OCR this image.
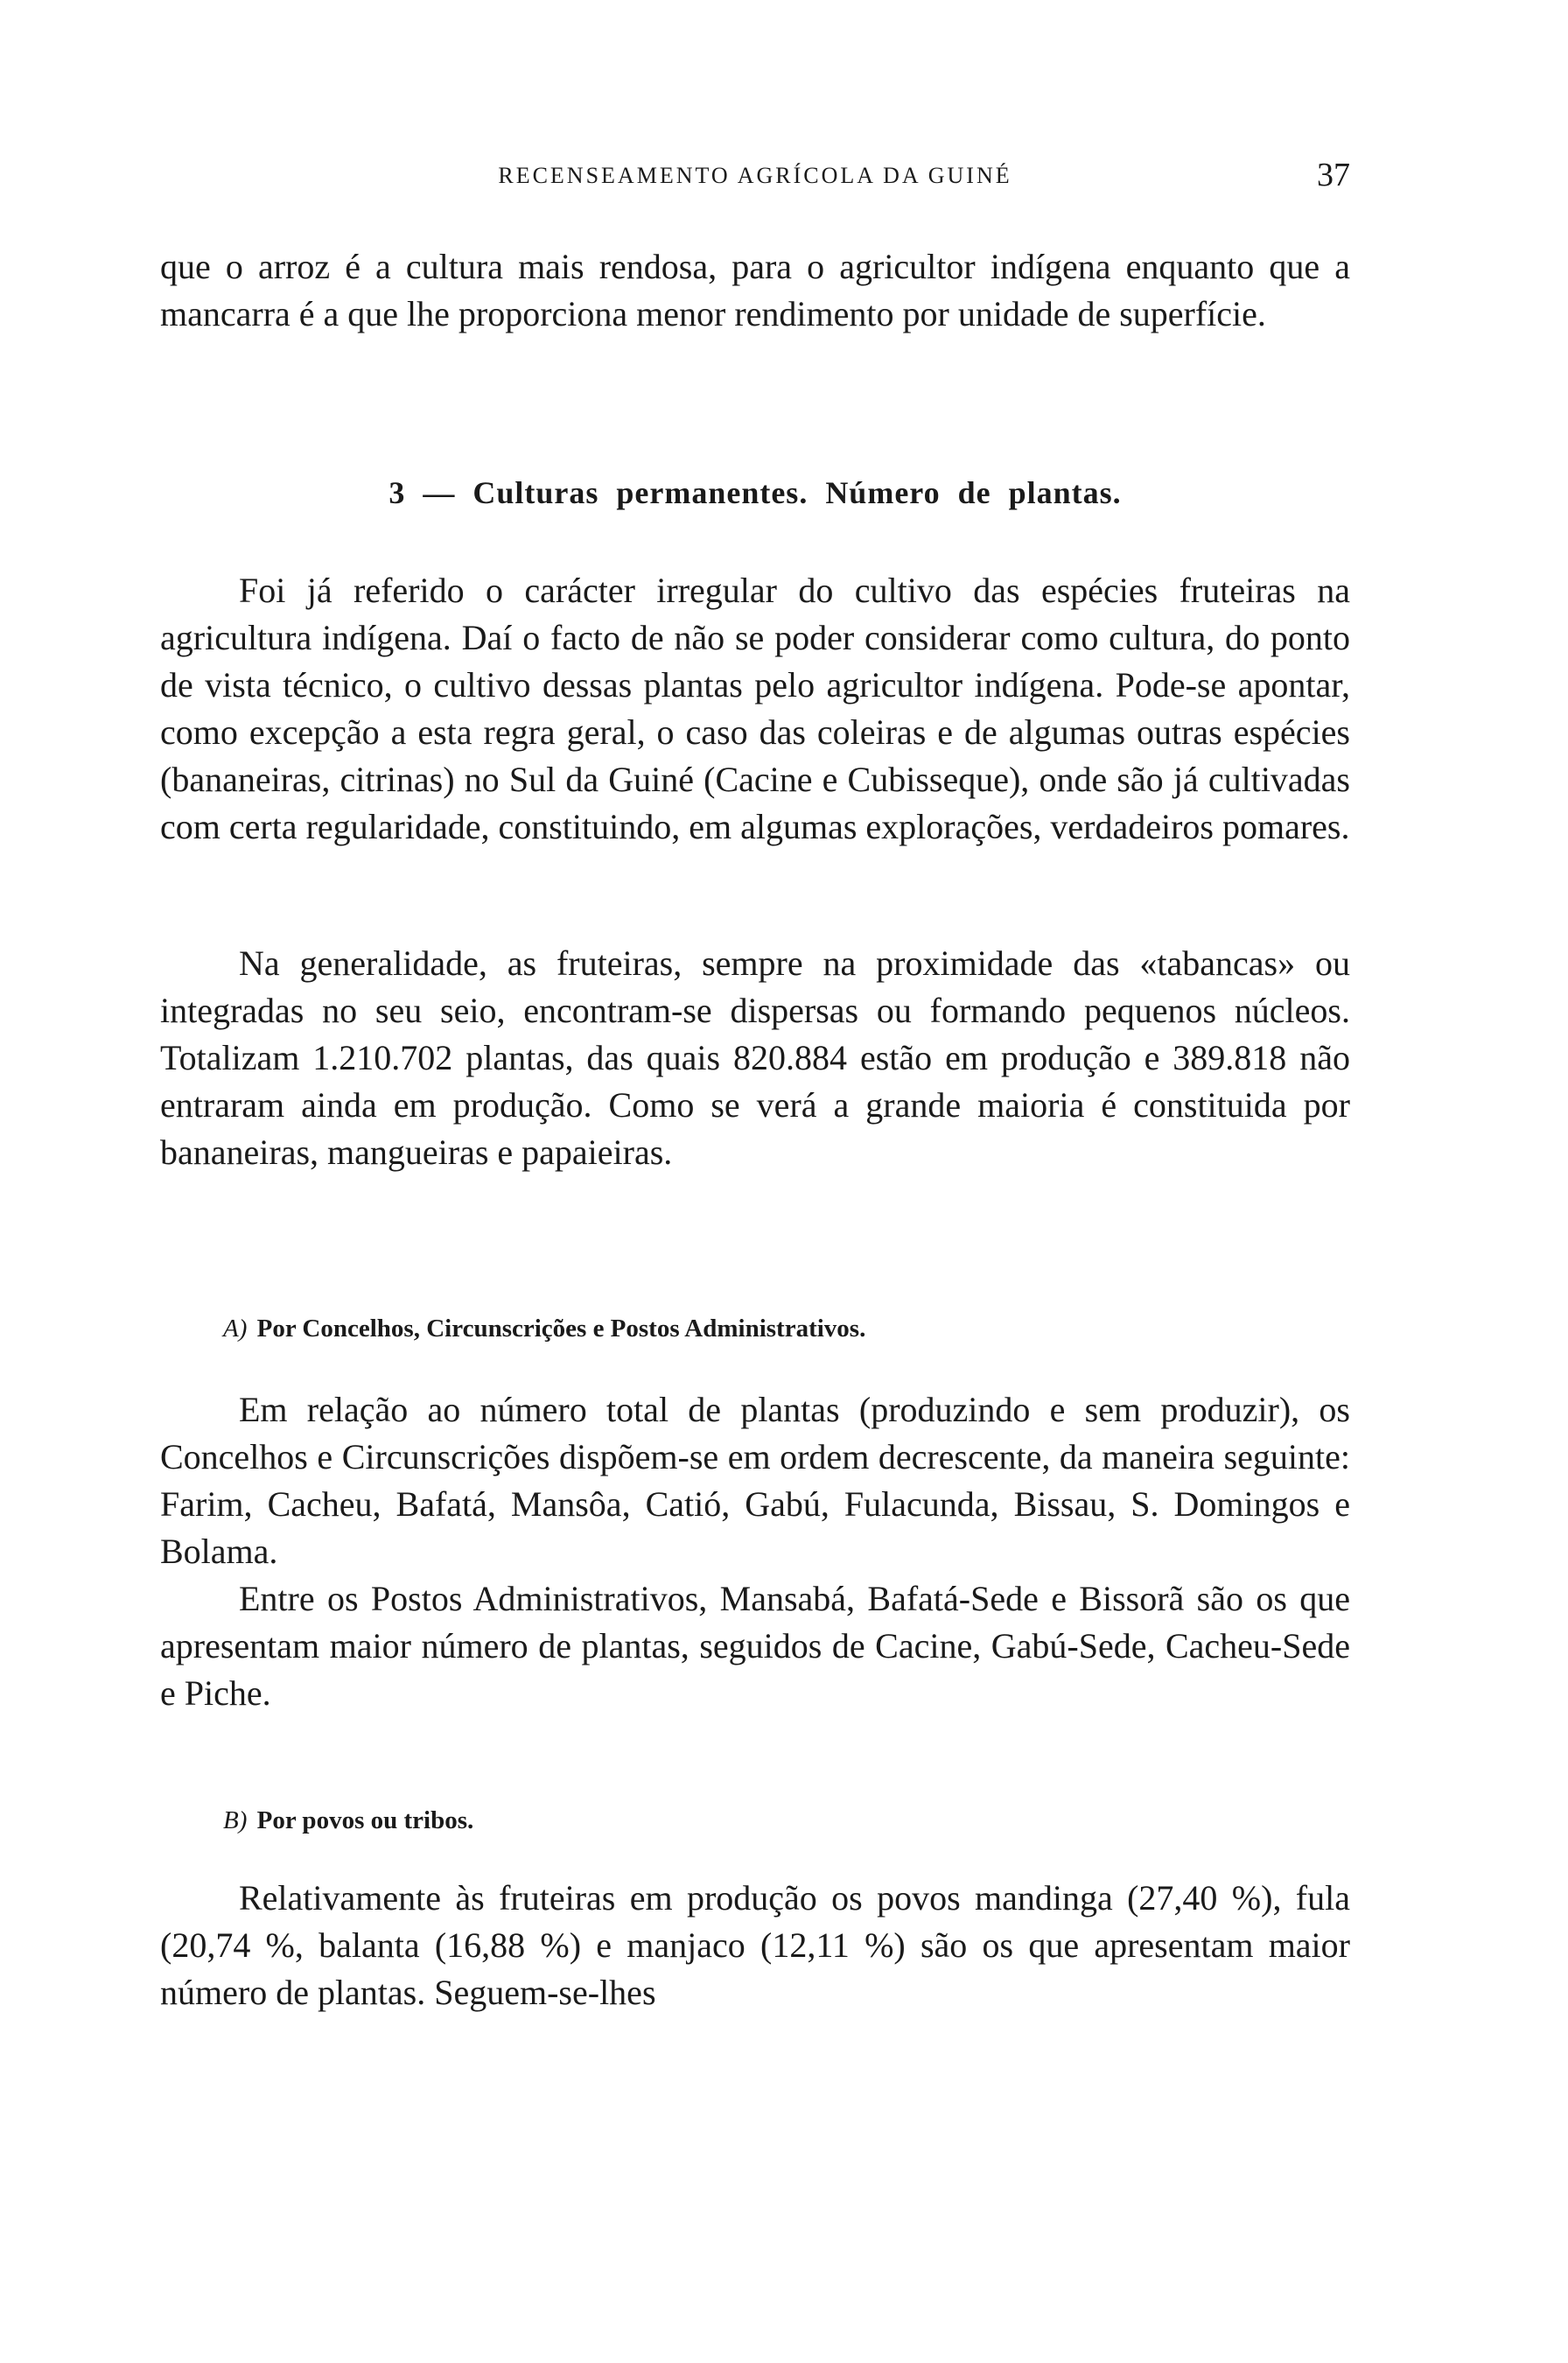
RECENSEAMENTO AGRÍCOLA DA GUINÉ	37

que o arroz é a cultura mais rendosa, para o agricultor indígena enquanto que a mancarra é a que lhe proporciona menor rendimento por unidade de superfície.

3 — Culturas permanentes. Número de plantas.

Foi já referido o carácter irregular do cultivo das espécies fruteiras na agricultura indígena. Daí o facto de não se poder considerar como cultura, do ponto de vista técnico, o cultivo dessas plantas pelo agricultor indígena. Pode-se apontar, como excepção a esta regra geral, o caso das coleiras e de algumas outras espécies (bananeiras, citrinas) no Sul da Guiné (Cacine e Cubisseque), onde são já cultivadas com certa regularidade, constituindo, em algumas explorações, verdadeiros pomares.

Na generalidade, as fruteiras, sempre na proximidade das «tabancas» ou integradas no seu seio, encontram-se dispersas ou formando pequenos núcleos. Totalizam 1.210.702 plantas, das quais 820.884 estão em produção e 389.818 não entraram ainda em produção. Como se verá a grande maioria é constituida por bananeiras, mangueiras e papaieiras.

A) Por Concelhos, Circunscrições e Postos Administrativos.

Em relação ao número total de plantas (produzindo e sem produzir), os Concelhos e Circunscrições dispõem-se em ordem decrescente, da maneira seguinte: Farim, Cacheu, Bafatá, Mansôa, Catió, Gabú, Fulacunda, Bissau, S. Domingos e Bolama.

Entre os Postos Administrativos, Mansabá, Bafatá-Sede e Bissorã são os que apresentam maior número de plantas, seguidos de Cacine, Gabú-Sede, Cacheu-Sede e Piche.

B) Por povos ou tribos.

Relativamente às fruteiras em produção os povos mandinga (27,40 %), fula (20,74 %, balanta (16,88 %) e manjaco (12,11 %) são os que apresentam maior número de plantas. Seguem-se-lhes
